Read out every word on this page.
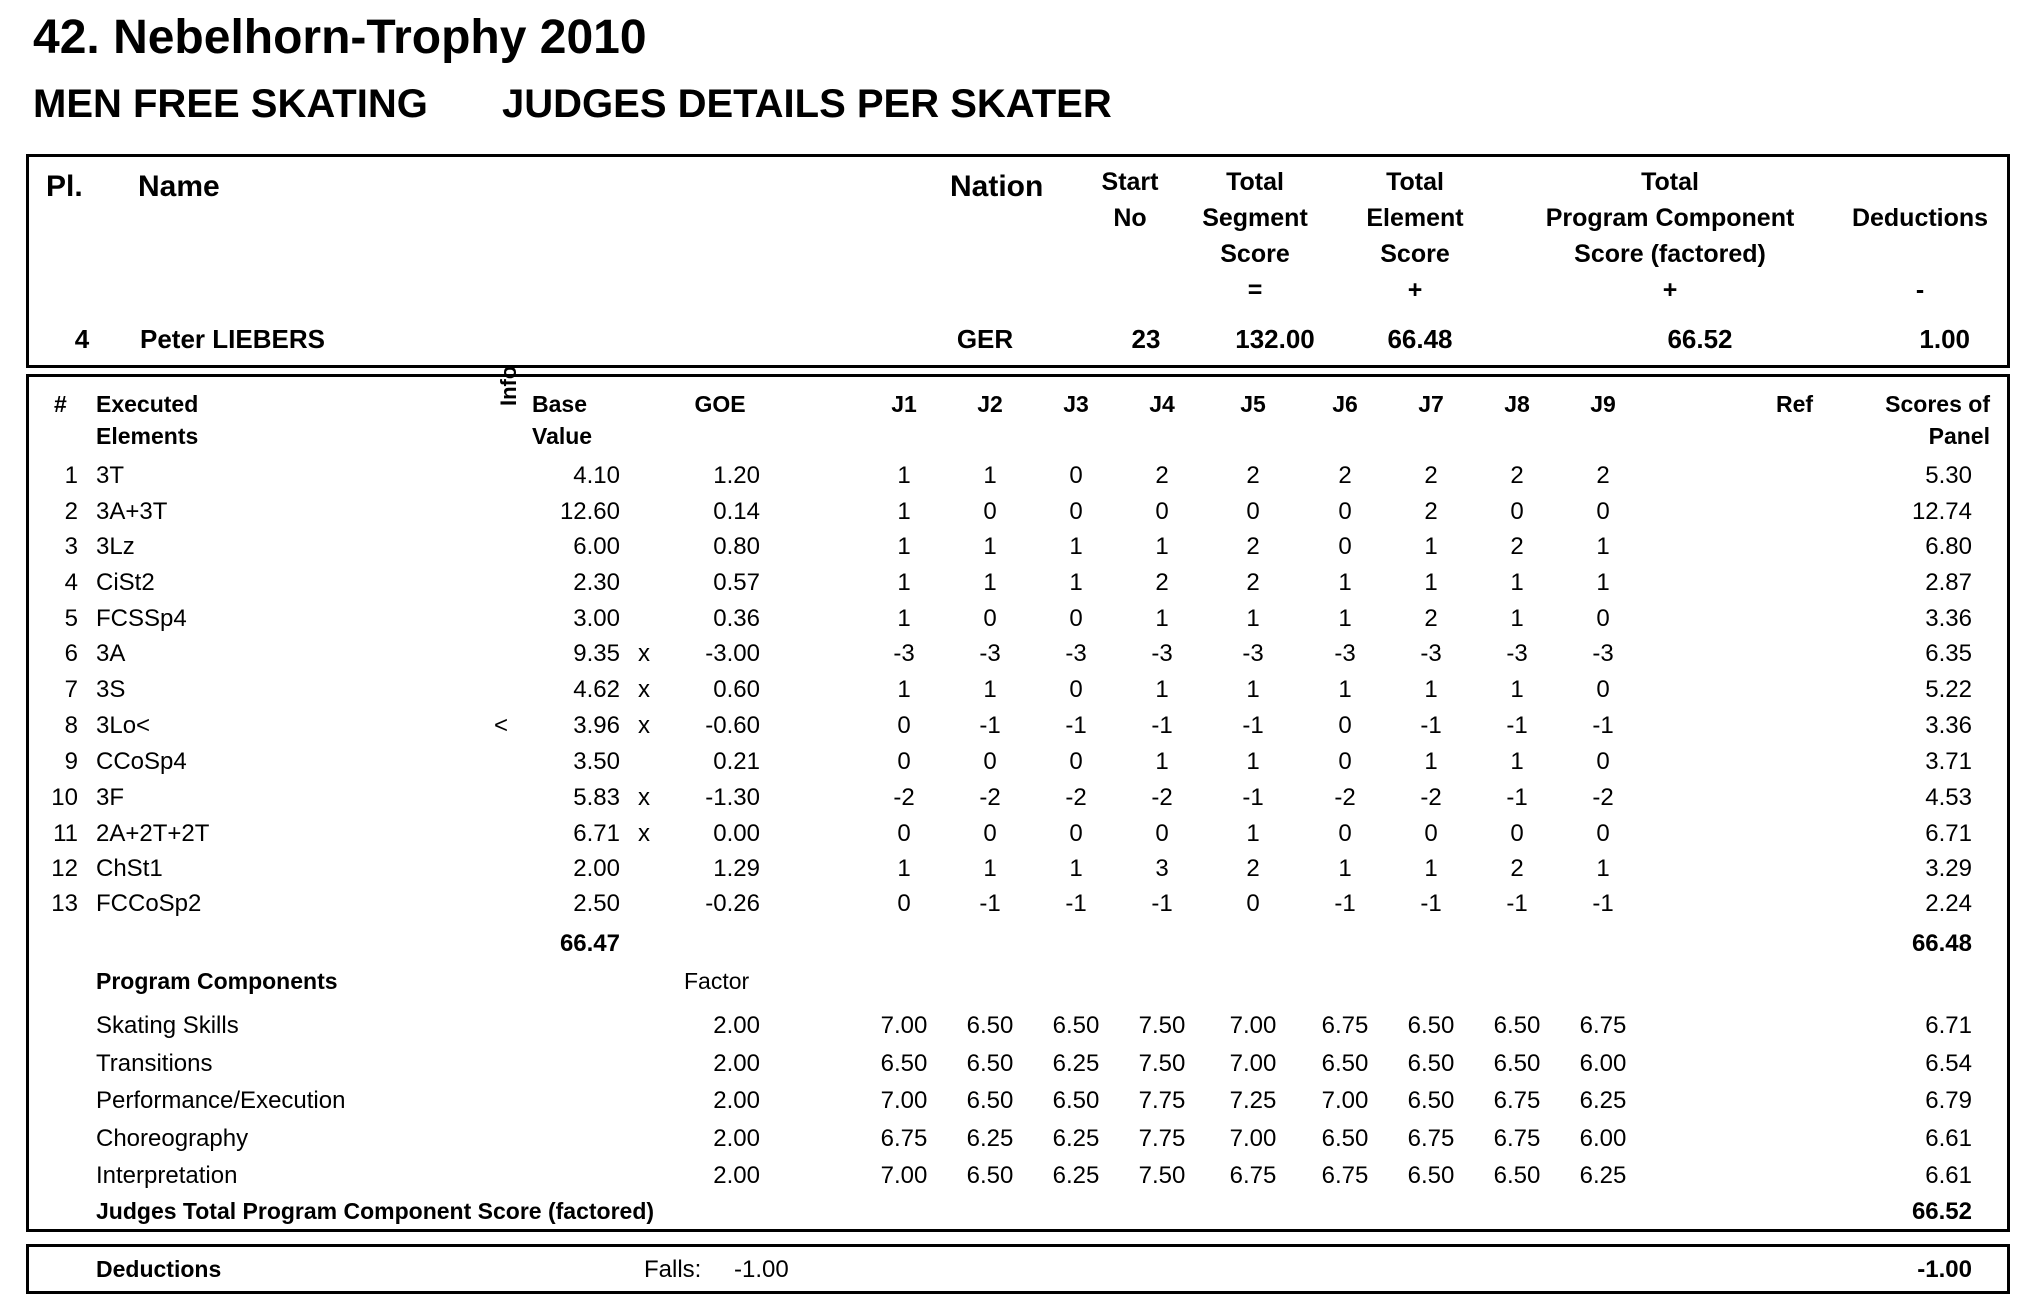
42. Nebelhorn-Trophy 2010
MEN FREE SKATING JUDGES DETAILS PER SKATER
Pl. Name	Nation	Start
No
Total
Segment
Score
=
Total
Element
Score
+
Total
Program Component
Score (factored)
+
Deductions
-
4	Peter LIEBERS	GER	23	132.00	66.48	66.52	1.00
# Executed
Elements
Info Base
Value
GOE	J1	J2	J3	J4	J5	J6	J7	J8	J9	Ref	Scores of
Panel
1 3T	4.10	1.20	1	1	0	2	2	2	2	2	2	5.30
2 3A+3T	12.60	0.14	1	0	0	0	0	0	2	0	0	12.74
3 3Lz	6.00	0.80	1	1	1	1	2	0	1	2	1	6.80
4 CiSt2	2.30	0.57	1	1	1	2	2	1	1	1	1	2.87
5 FCSSp4	3.00	0.36	1	0	0	1	1	1	2	1	0	3.36
6 3A	9.35 x	-3.00	-3	-3	-3	-3	-3	-3	-3	-3	-3	6.35
7 3S	4.62 x	0.60	1	1	0	1	1	1	1	1	0	5.22
8 3Lo<	<	3.96 x	-0.60	0	-1	-1	-1	-1	0	-1	-1	-1	3.36
9 CCoSp4	3.50	0.21	0	0	0	1	1	0	1	1	0	3.71
10 3F	5.83 x	-1.30	-2	-2	-2	-2	-1	-2	-2	-1	-2	4.53
11 2A+2T+2T	6.71 x	0.00	0	0	0	0	1	0	0	0	0	6.71
12 ChSt1	2.00	1.29	1	1	1	3	2	1	1	2	1	3.29
13 FCCoSp2	2.50	-0.26	0	-1	-1	-1	0	-1	-1	-1	-1	2.24
66.47	66.48
Program Components	Factor
Skating Skills	2.00	7.00	6.50	6.50	7.50	7.00	6.75	6.50	6.50	6.75	6.71
Transitions	2.00	6.50	6.50	6.25	7.50	7.00	6.50	6.50	6.50	6.00	6.54
Performance/Execution	2.00	7.00	6.50	6.50	7.75	7.25	7.00	6.50	6.75	6.25	6.79
Choreography	2.00	6.75	6.25	6.25	7.75	7.00	6.50	6.75	6.75	6.00	6.61
Interpretation	2.00	7.00	6.50	6.25	7.50	6.75	6.75	6.50	6.50	6.25	6.61
Judges Total Program Component Score (factored)	66.52
Deductions	Falls: -1.00	-1.00
